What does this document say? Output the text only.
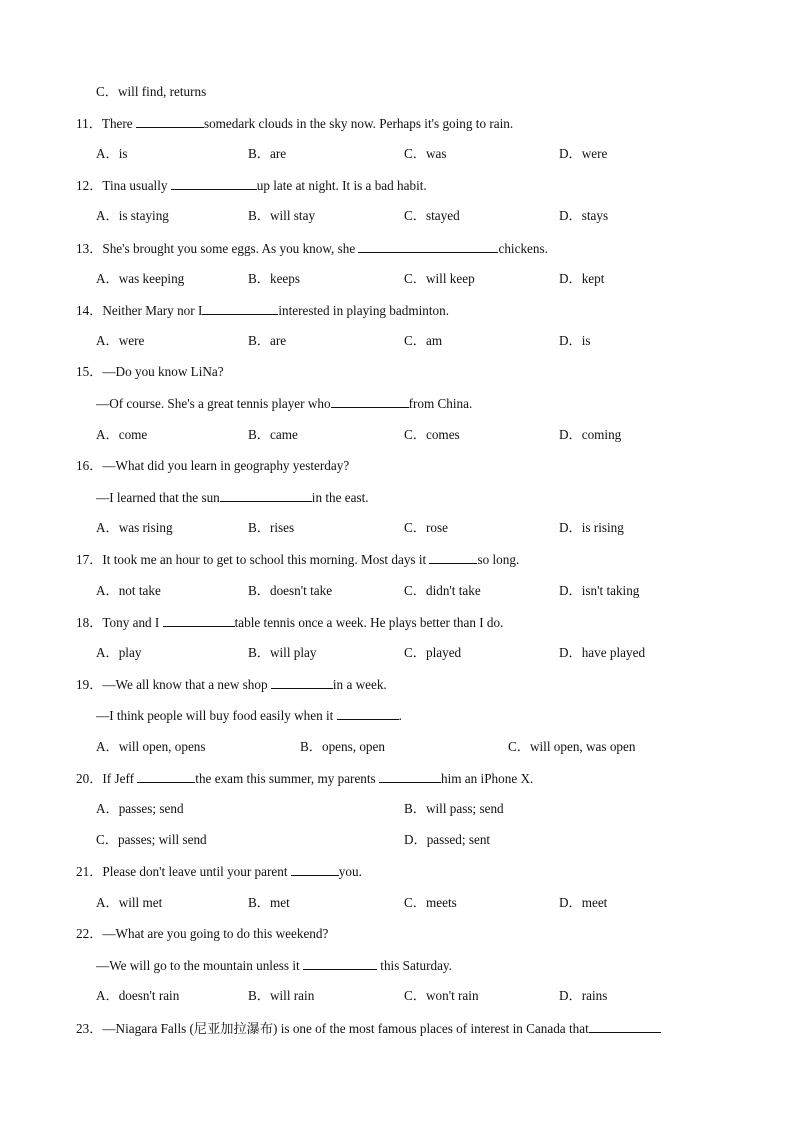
C．will find, returns
11．There	somedark clouds in the sky now. Perhaps it's going to rain.
A．is	B．are	C．was	D．were
12．Tina usually	up late at night. It is a bad habit.
A．is staying	B．will stay	C．stayed	D．stays
13．She's brought you some eggs. As you know, she	chickens.
A．was keeping	B．keeps	C．will keep	D．kept
14．Neither Mary nor I	interested in playing badminton.
A．were	B．are	C．am	D．is
15．—Do you know LiNa?
—Of course. She's a great tennis player who	from China.
A．come	B．came	C．comes	D．coming
16．—What did you learn in geography yesterday?
—I learned that the sun	in the east.
A．was rising	B．rises	C．rose	D．is rising
17．It took me an hour to get to school this morning. Most days it	so long.
A．not take	B．doesn't take	C．didn't take	D．isn't taking
18．Tony and I	table tennis once a week. He plays better than I do.
A．play	B．will play	C．played	D．have played
19．—We all know that a new shop	in a week.
—I think people will buy food easily when it	.
A．will open, opens	B．opens, open	C．will open, was open
20．If Jeff	the exam this summer, my parents	him an iPhone X.
A．passes; send	B．will pass; send
C．passes; will send	D．passed; sent
21．Please don't leave until your parent	you.
A．will met	B．met	C．meets	D．meet
22．—What are you going to do this weekend?
—We will go to the mountain unless it	this Saturday.
A．doesn't rain	B．will rain	C．won't rain	D．rains
23．—Niagara Falls (尼亚加拉瀑布) is one of the most famous places of interest in Canada that
